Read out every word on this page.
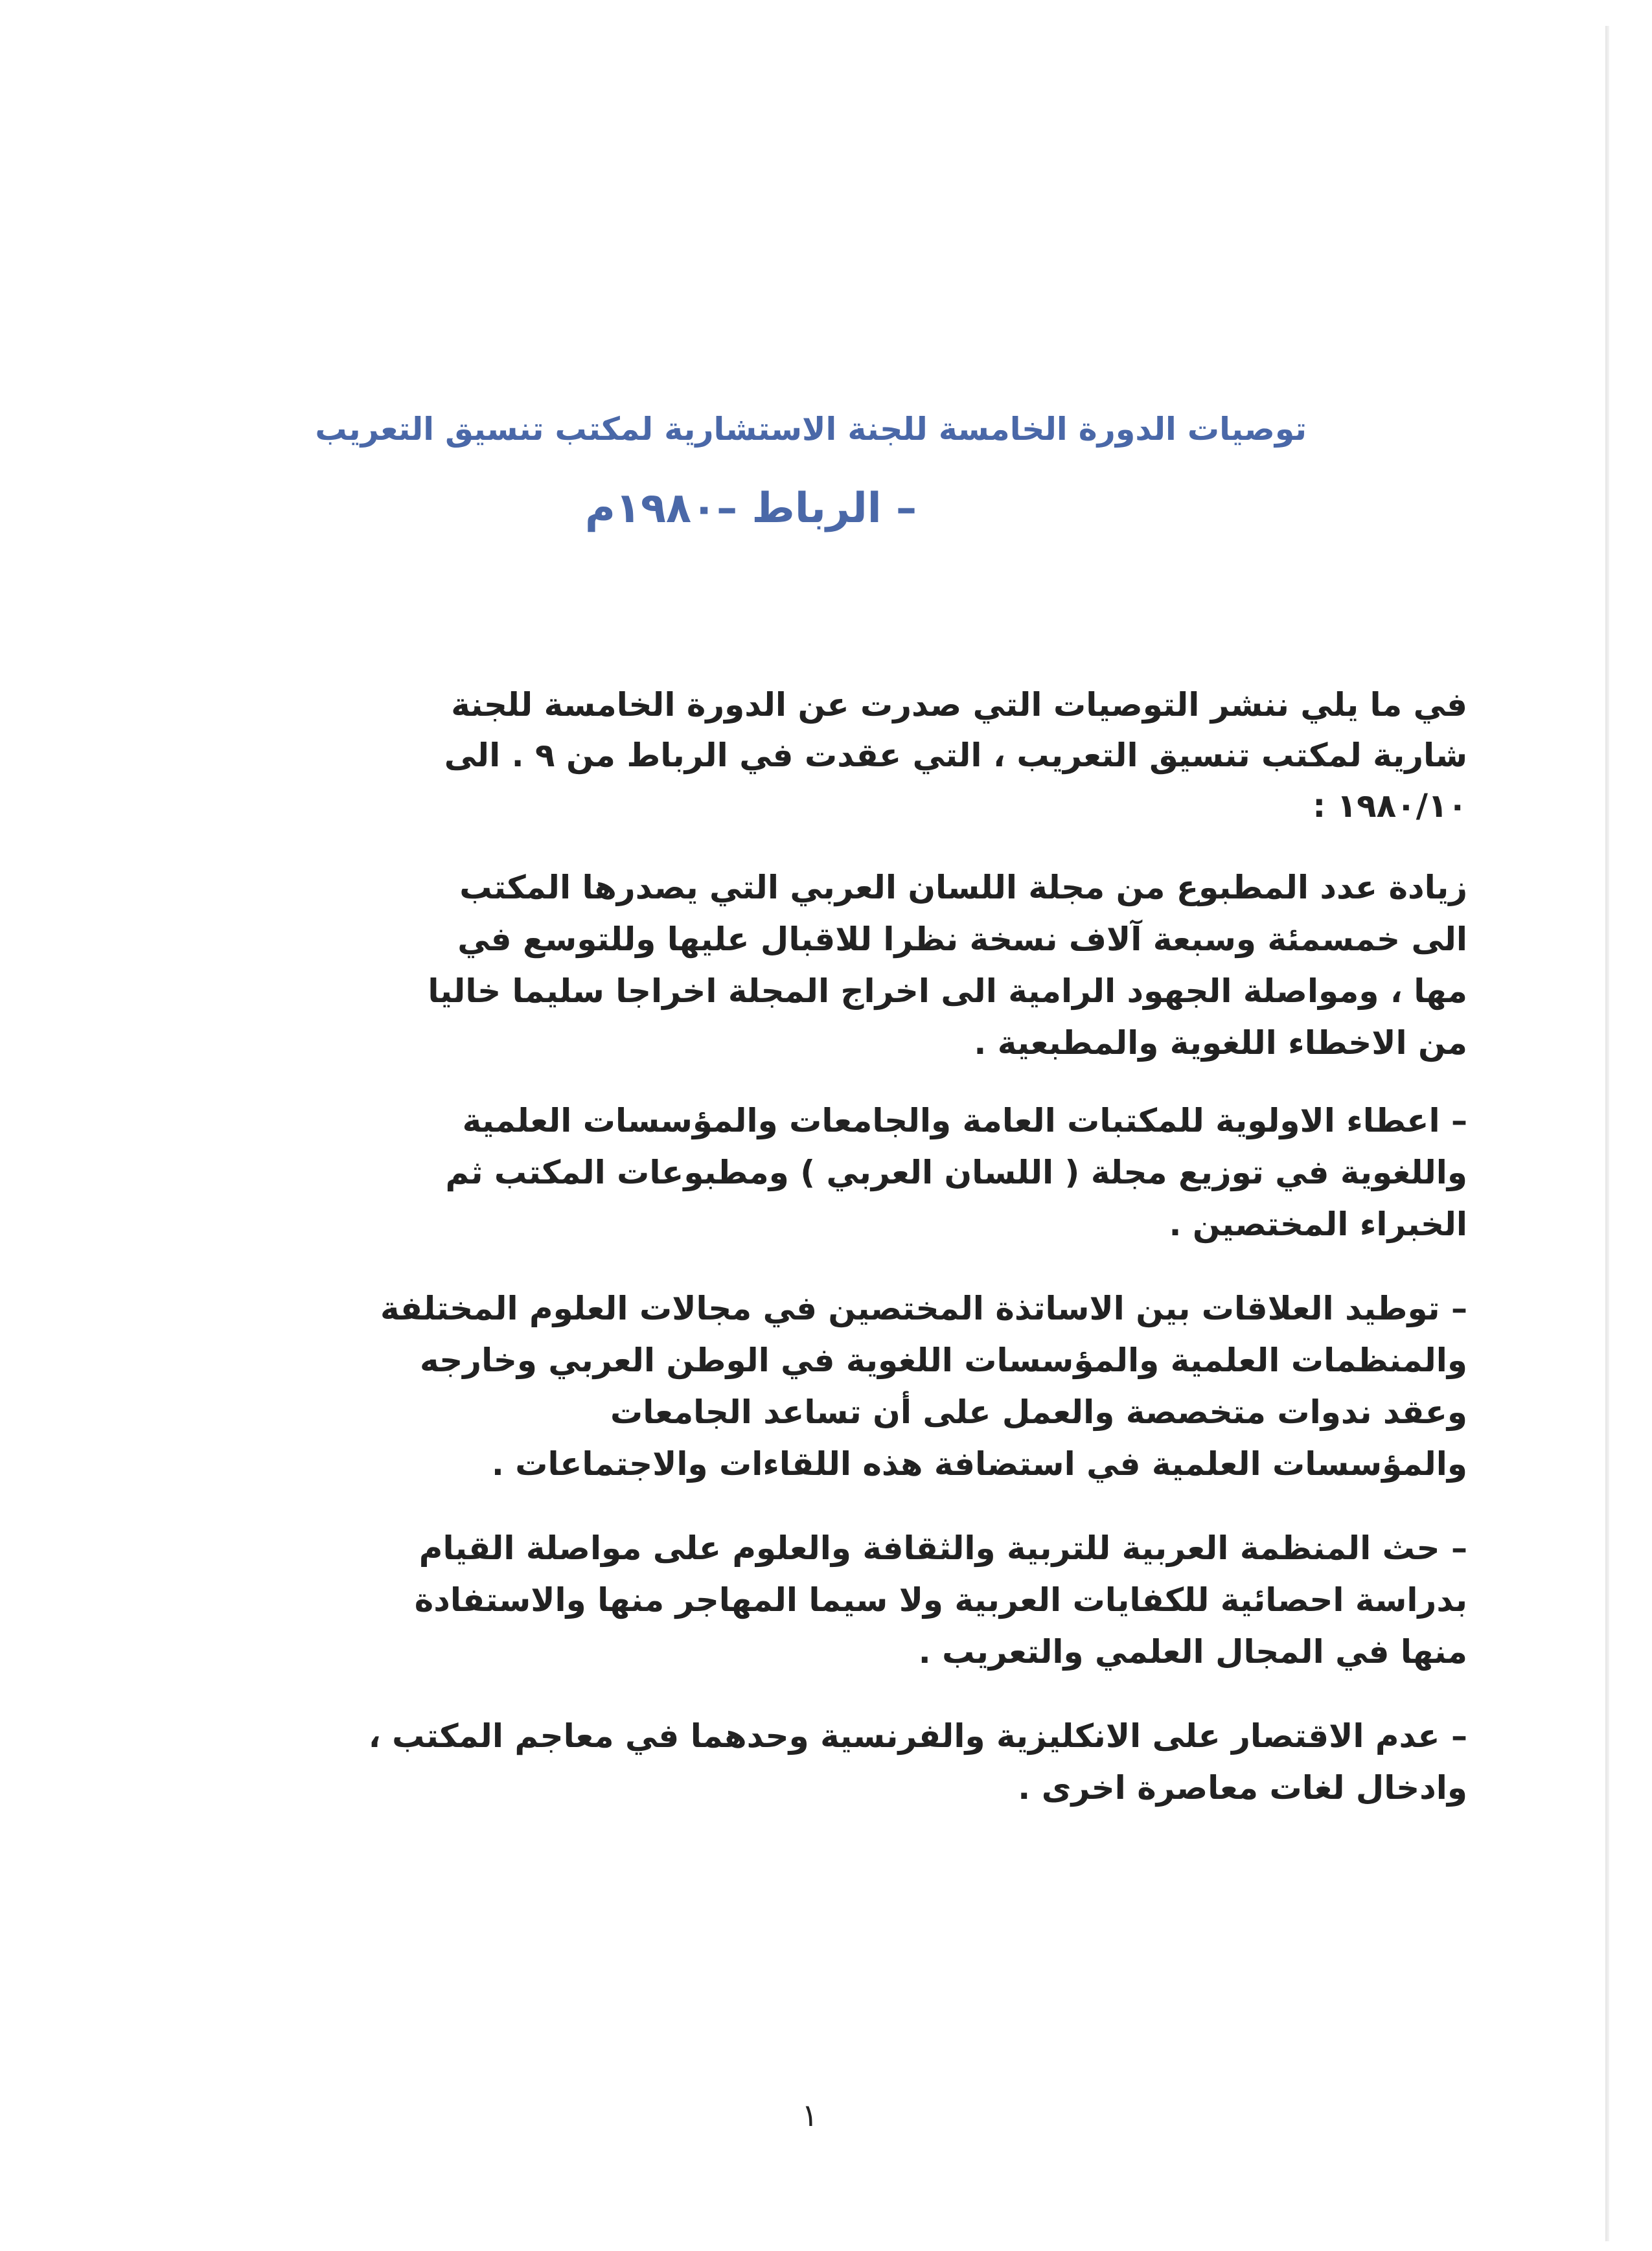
توصيات الدورة الخامسة للجنة الاستشارية لمكتب تنسيق التعريب
– الرباط –١٩٨٠م
في ما يلي ننشر التوصيات التي صدرت عن الدورة الخامسة للجنة
شارية لمكتب تنسيق التعريب ، التي عقدت في الرباط من ٩ . الى
١٩٨٠/١٠ :
زيادة عدد المطبوع من مجلة اللسان العربي التي يصدرها المكتب
الى خمسمئة وسبعة آلاف نسخة نظرا للاقبال عليها وللتوسع في
مها ، ومواصلة الجهود الرامية الى اخراج المجلة اخراجا سليما خاليا
من الاخطاء اللغوية والمطبعية .
– اعطاء الاولوية للمكتبات العامة والجامعات والمؤسسات العلمية
واللغوية في توزيع مجلة ( اللسان العربي ) ومطبوعات المكتب ثم
الخبراء المختصين .
– توطيد العلاقات بين الاساتذة المختصين في مجالات العلوم المختلفة
والمنظمات العلمية والمؤسسات اللغوية في الوطن العربي وخارجه
وعقد ندوات متخصصة والعمل على أن تساعد الجامعات
والمؤسسات العلمية في استضافة هذه اللقاءات والاجتماعات .
– حث المنظمة العربية للتربية والثقافة والعلوم على مواصلة القيام
بدراسة احصائية للكفايات العربية ولا سيما المهاجر منها والاستفادة
منها في المجال العلمي والتعريب .
– عدم الاقتصار على الانكليزية والفرنسية وحدهما في معاجم المكتب ،
وادخال لغات معاصرة اخرى .
١
